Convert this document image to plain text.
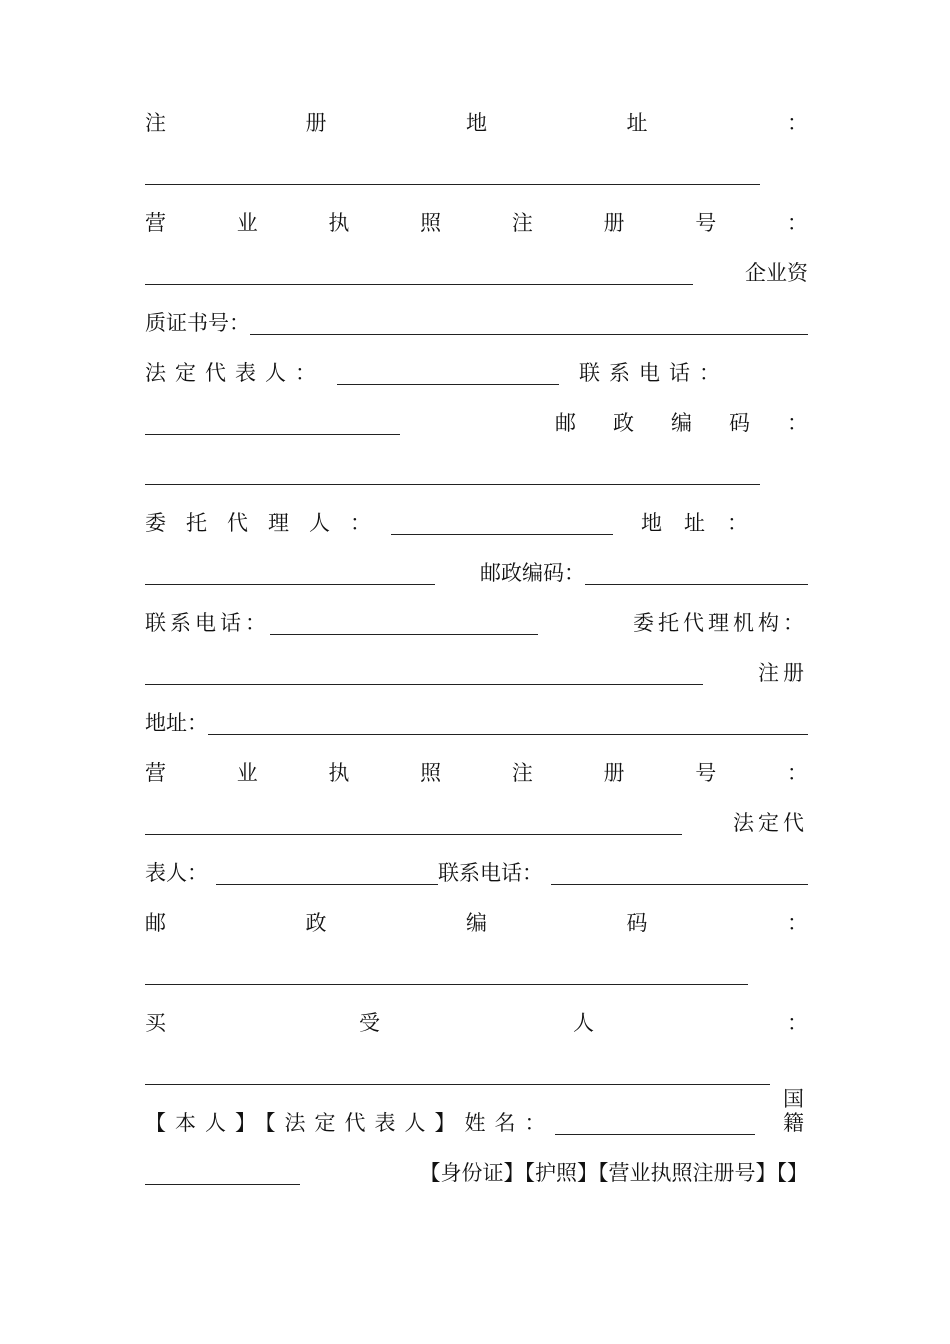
注	册	地	址	：
营	业	执	照	注	册	号	：
企业资
质证书号：
法定代表人：	联系电话：
邮 政 编 码 ：
委托代理人：	地址：
邮政编码：
联系电话：	委托代理机构：
注册
地址：
营	业	执	照	注	册	号	：
法定代
表人：	联系电话：
邮	政	编	码	：
买	受	人	：
【本人】【法定代表人】姓名：
国籍
【身份证】【护照】【营业执照注册号】【】
